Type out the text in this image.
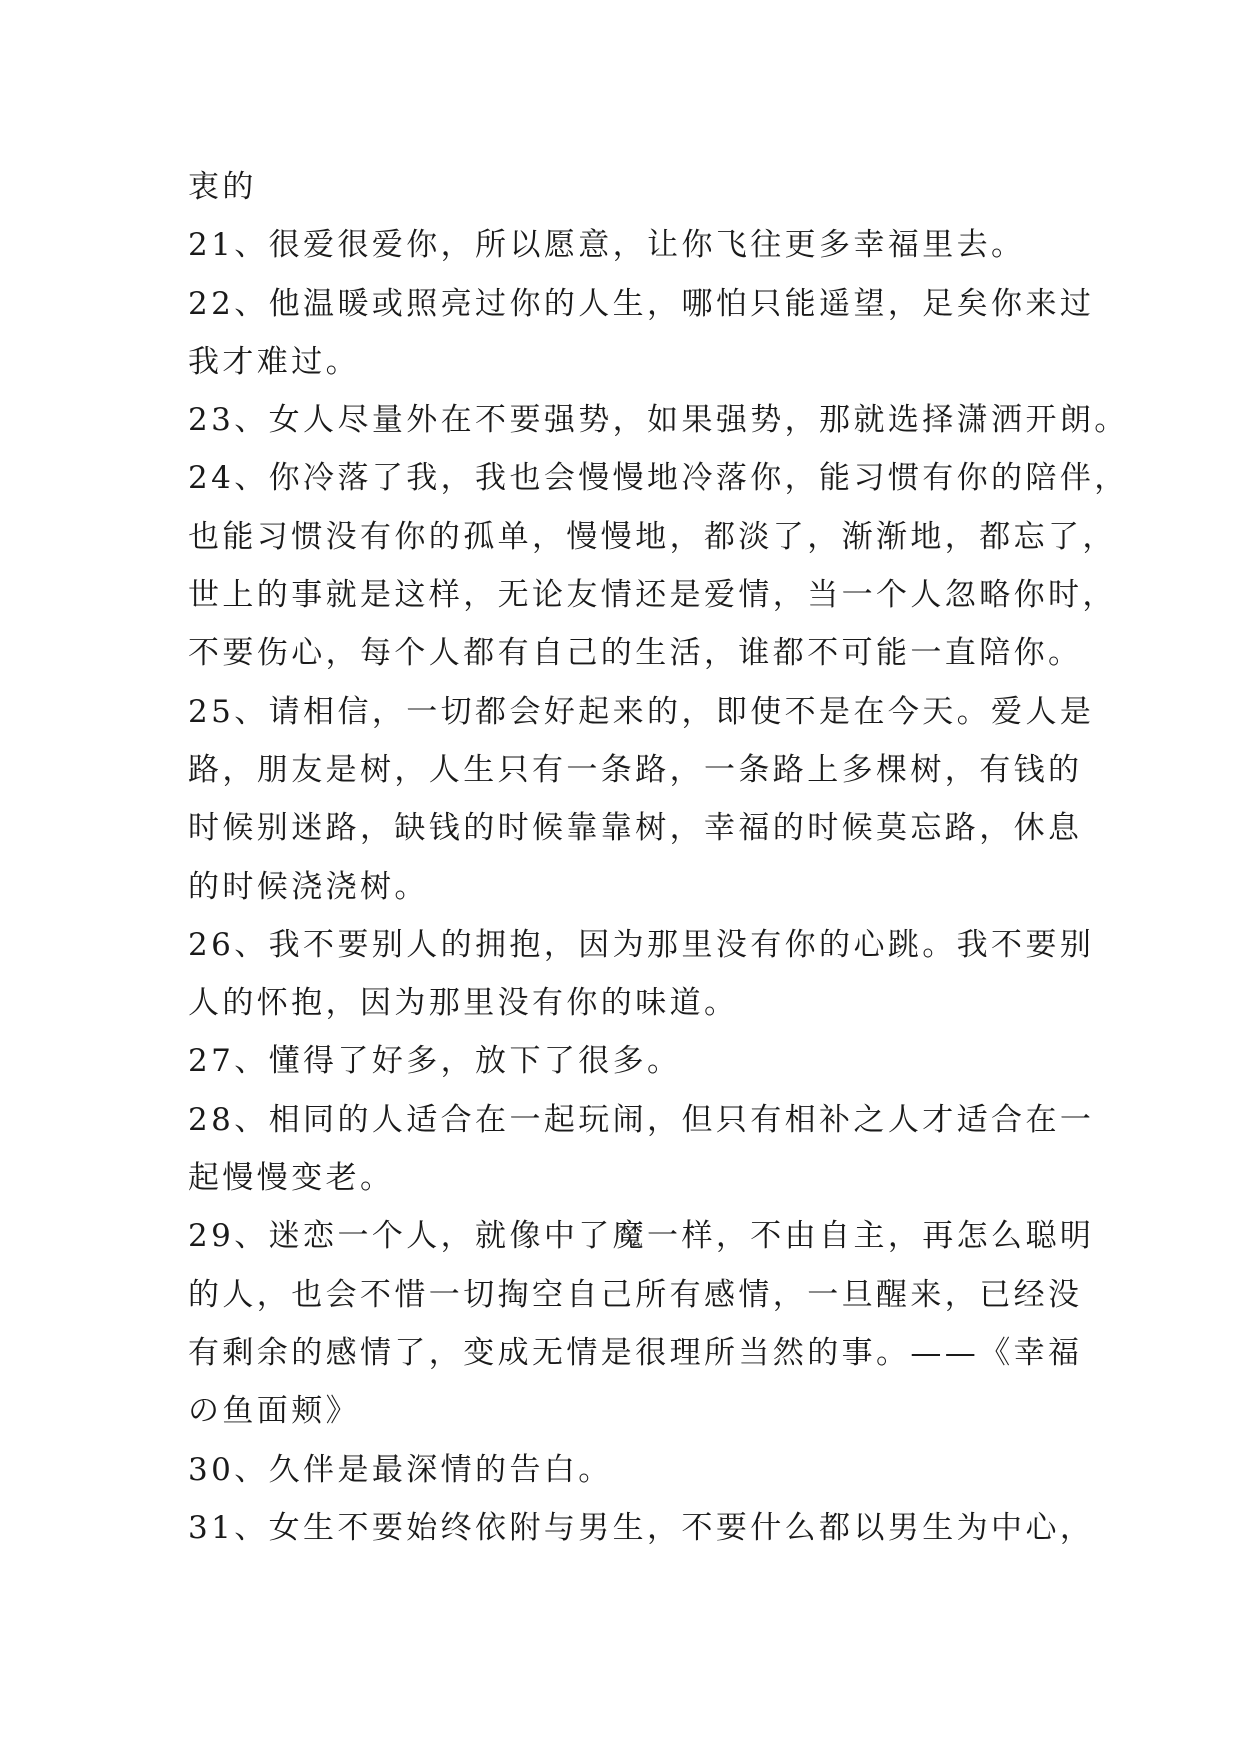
衷的
21、很爱很爱你，所以愿意，让你飞往更多幸福里去。
22、他温暖或照亮过你的人生，哪怕只能遥望，足矣你来过
我才难过。
23、女人尽量外在不要强势，如果强势，那就选择潇洒开朗。
24、你冷落了我，我也会慢慢地冷落你，能习惯有你的陪伴，
也能习惯没有你的孤单，慢慢地，都淡了，渐渐地，都忘了，
世上的事就是这样，无论友情还是爱情，当一个人忽略你时，
不要伤心，每个人都有自己的生活，谁都不可能一直陪你。
25、请相信，一切都会好起来的，即使不是在今天。爱人是
路，朋友是树，人生只有一条路，一条路上多棵树，有钱的
时候别迷路，缺钱的时候靠靠树，幸福的时候莫忘路，休息
的时候浇浇树。
26、我不要别人的拥抱，因为那里没有你的心跳。我不要别
人的怀抱，因为那里没有你的味道。
27、懂得了好多，放下了很多。
28、相同的人适合在一起玩闹，但只有相补之人才适合在一
起慢慢变老。
29、迷恋一个人，就像中了魔一样，不由自主，再怎么聪明
的人，也会不惜一切掏空自己所有感情，一旦醒来，已经没
有剩余的感情了，变成无情是很理所当然的事。——《幸福
の鱼面颊》
30、久伴是最深情的告白。
31、女生不要始终依附与男生，不要什么都以男生为中心，
